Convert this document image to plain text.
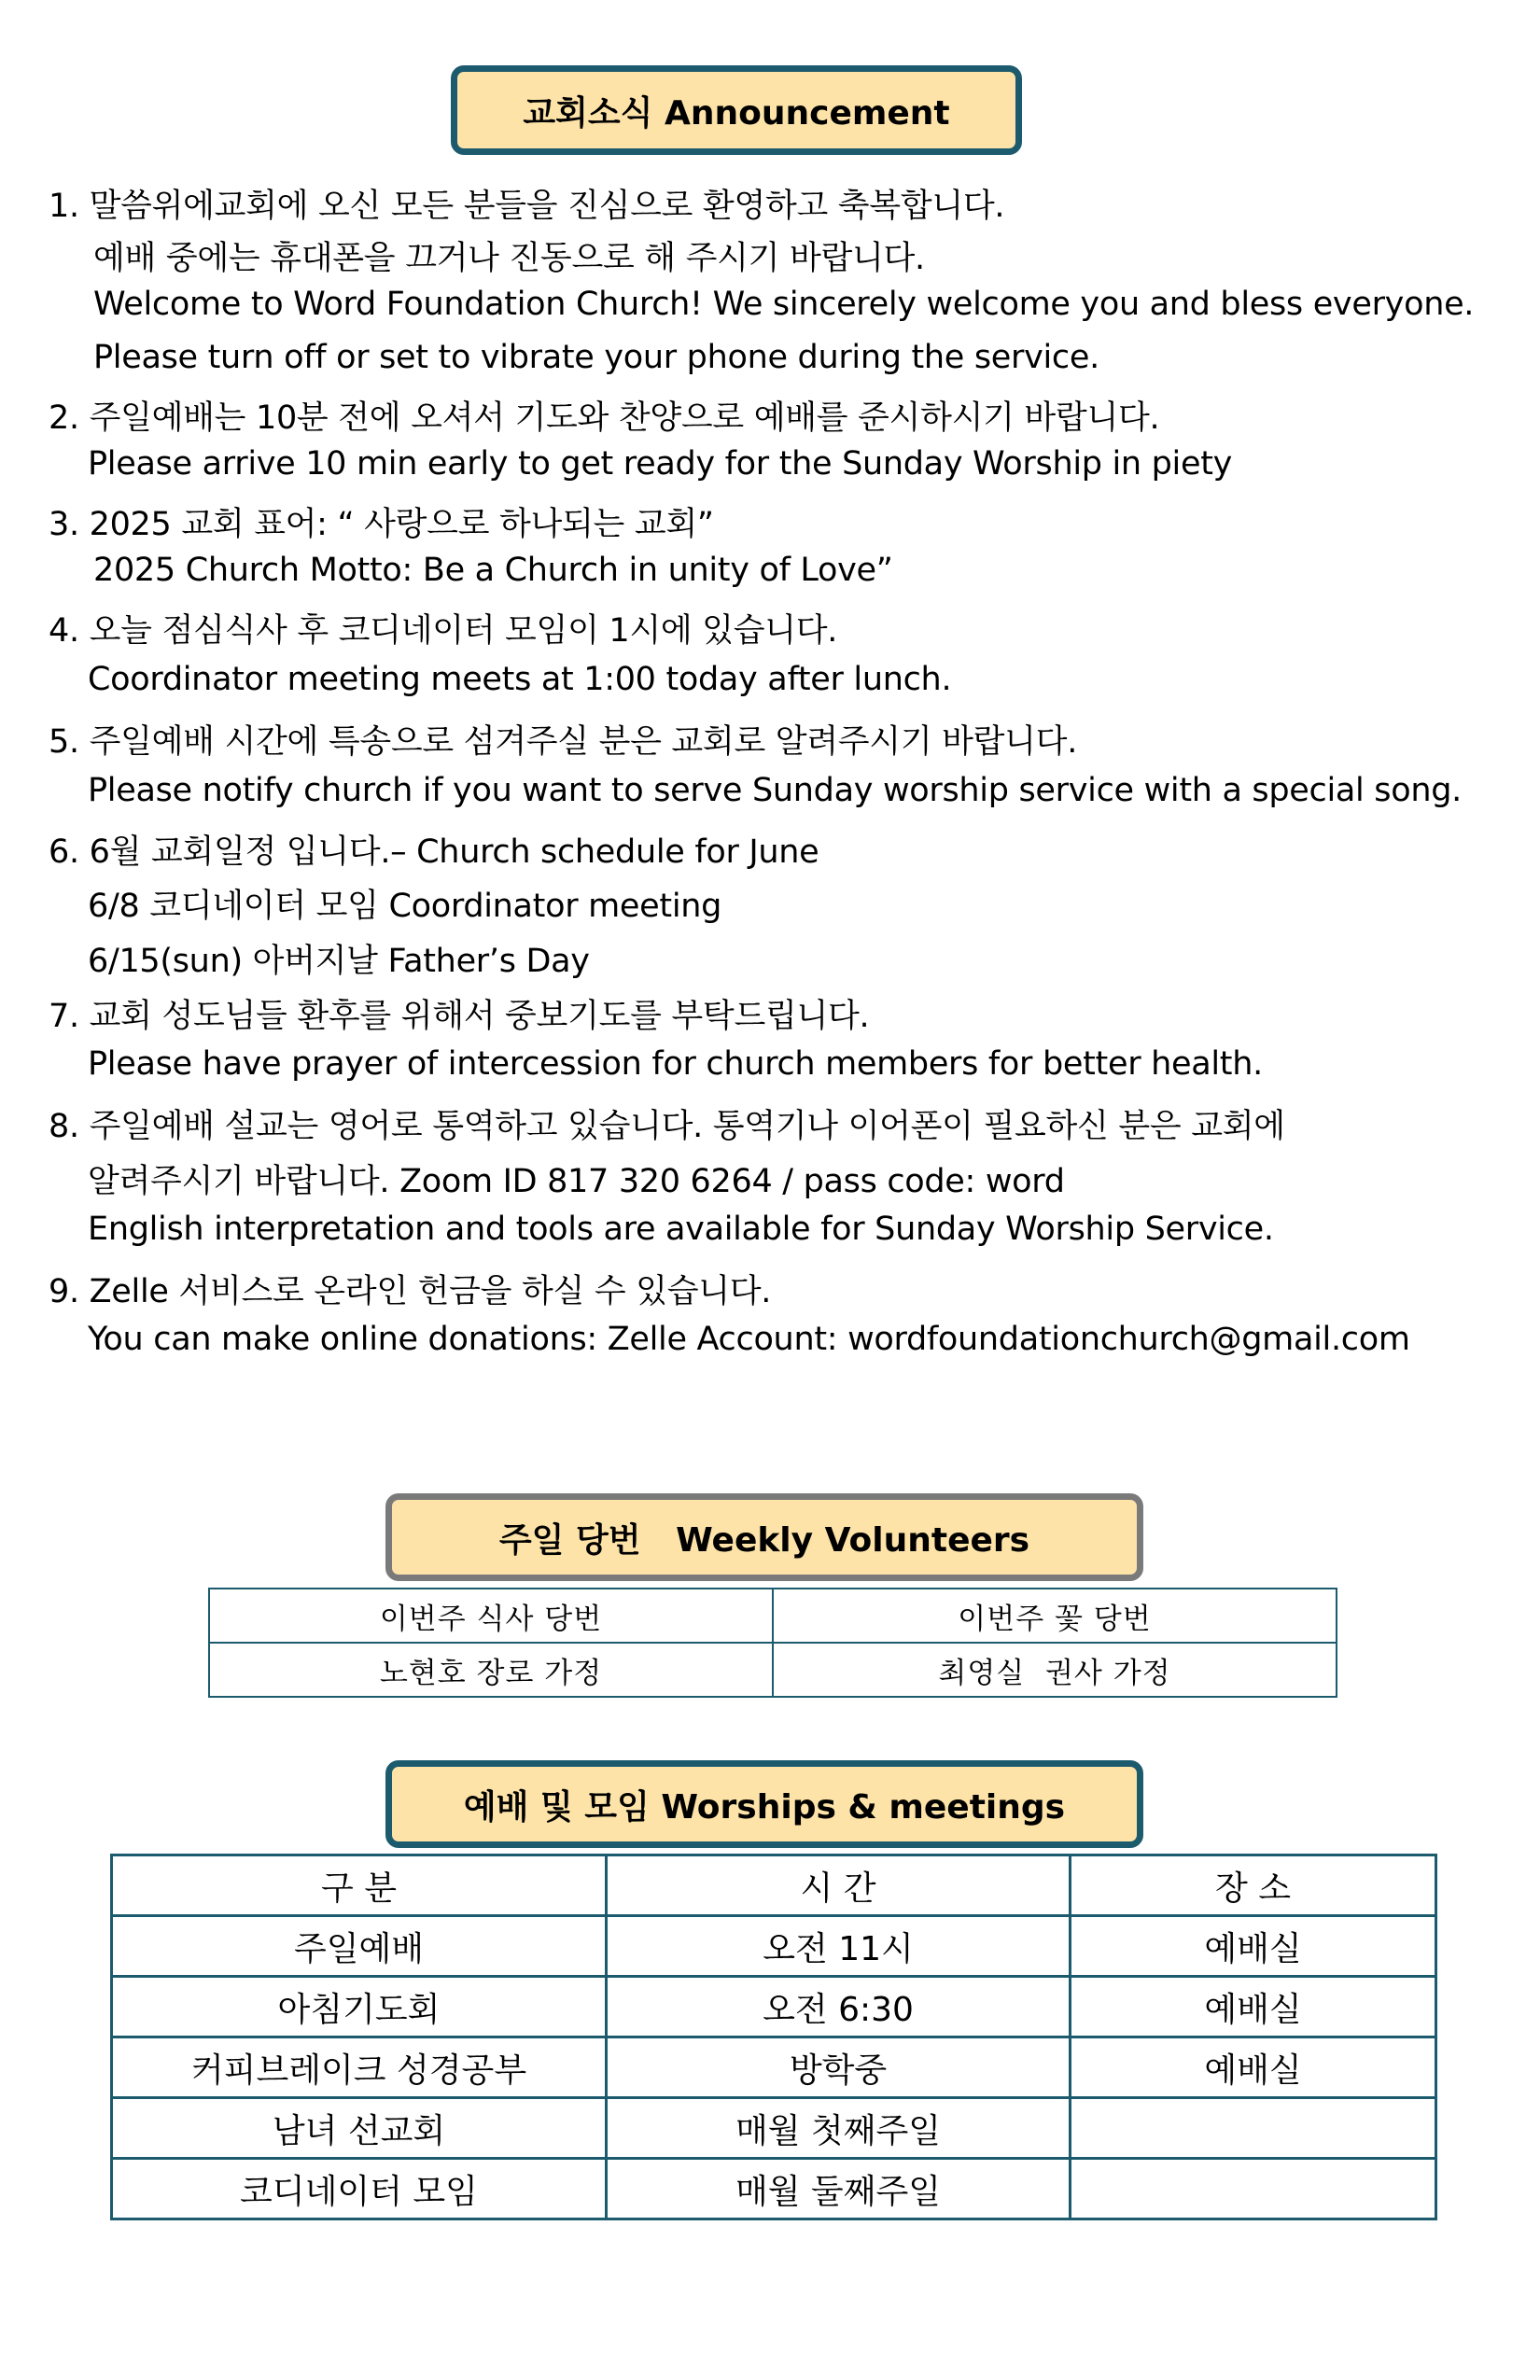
교회소식 Announcement
1. 말씀위에교회에 오신 모든 분들을 진심으로 환영하고 축복합니다.
예배 중에는 휴대폰을 끄거나 진동으로 해 주시기 바랍니다.
Welcome to Word Foundation Church! We sincerely welcome you and bless everyone.
Please turn off or set to vibrate your phone during the service.
2. 주일예배는 10분 전에 오셔서 기도와 찬양으로 예배를 준시하시기 바랍니다.
Please arrive 10 min early to get ready for the Sunday Worship in piety
3. 2025 교회 표어: “ 사랑으로 하나되는 교회”
2025 Church Motto: Be a Church in unity of Love”
4. 오늘 점심식사 후 코디네이터 모임이 1시에 있습니다.
Coordinator meeting meets at 1:00 today after lunch.
5. 주일예배 시간에 특송으로 섬겨주실 분은 교회로 알려주시기 바랍니다.
Please notify church if you want to serve Sunday worship service with a special song.
6. 6월 교회일정 입니다.– Church schedule for June
6/8 코디네이터 모임 Coordinator meeting
6/15(sun) 아버지날 Father’s Day
7. 교회 성도님들 환후를 위해서 중보기도를 부탁드립니다.
Please have prayer of intercession for church members for better health.
8. 주일예배 설교는 영어로 통역하고 있습니다. 통역기나 이어폰이 필요하신 분은 교회에
알려주시기 바랍니다. Zoom ID 817 320 6264 / pass code: word
English interpretation and tools are available for Sunday Worship Service.
9. Zelle 서비스로 온라인 헌금을 하실 수 있습니다.
You can make online donations: Zelle Account: wordfoundationchurch@gmail.com
주일 당번   Weekly Volunteers
이번주 식사 당번	이번주 꽃 당번
노현호 장로 가정	최영실  권사 가정
예배 및 모임 Worships & meetings
구 분	시 간	장 소
주일예배	오전 11시	예배실
아침기도회	오전 6:30	예배실
커피브레이크 성경공부	방학중	예배실
남녀 선교회	매월 첫째주일	
코디네이터 모임	매월 둘째주일	
